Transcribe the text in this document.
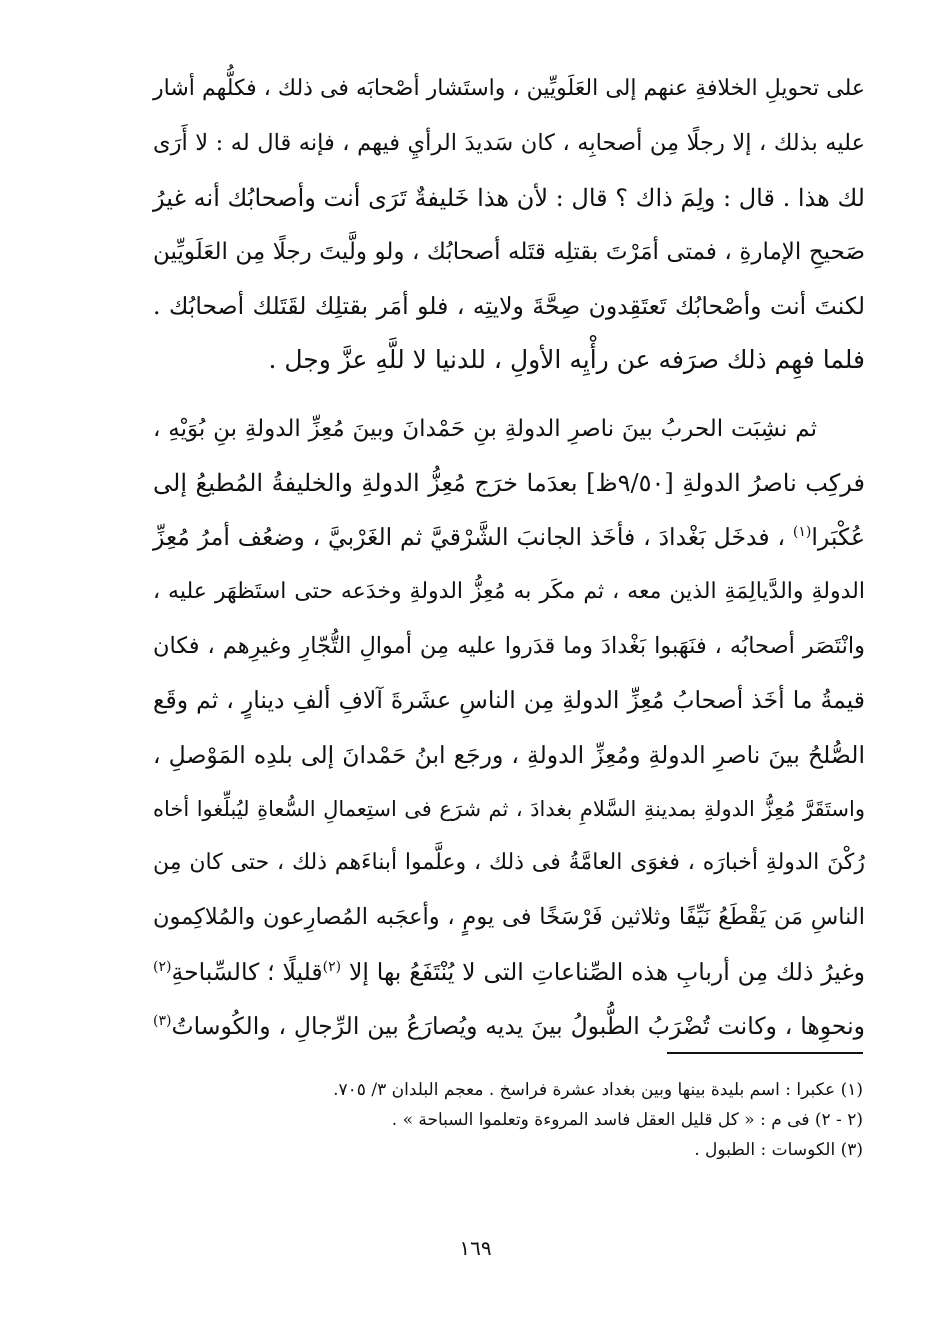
على تحويلِ الخلافةِ عنهم إلى العَلَويِّين ، واستَشار أصْحابَه فى ذلك ، فكلُّهم أشار
عليه بذلك ، إلا رجلًا مِن أصحابِه ، كان سَديدَ الرأيِ فيهم ، فإنه قال له : لا أَرَى
لك هذا . قال : ولِمَ ذاك ؟ قال : لأن هذا خَليفةٌ تَرَى أنت وأصحابُك أنه غيرُ
صَحيحِ الإمارةِ ، فمتى أمَرْتَ بقتلِه قتَله أصحابُك ، ولو ولَّيتَ رجلًا مِن العَلَويِّين
لكنتَ أنت وأصْحابُك تَعتَقِدون صِحَّةَ ولايتِه ، فلو أمَر بقتلِك لقَتَلك أصحابُك .
فلما فهِم ذلك صرَفه عن رأْيِه الأولِ ، للدنيا لا للَّهِ عزَّ وجل .
ثم نشِبَت الحربُ بينَ ناصرِ الدولةِ بنِ حَمْدانَ وبينَ مُعِزِّ الدولةِ بنِ بُوَيْهِ ،
فركِب ناصرُ الدولةِ [٩/٥٠ظ] بعدَما خرَج مُعِزُّ الدولةِ والخليفةُ المُطيعُ إلى
عُكْبَرا$^{(١)}$ ، فدخَل بَغْدادَ ، فأخَذ الجانبَ الشَّرْقيَّ ثم الغَرْبيَّ ، وضعُف أمرُ مُعِزِّ
الدولةِ والدَّيالِمَةِ الذين معه ، ثم مكَر به مُعِزُّ الدولةِ وخدَعه حتى استَظهَر عليه ،
وانْتَصَر أصحابُه ، فنَهَبوا بَغْدادَ وما قدَروا عليه مِن أموالِ التُّجّارِ وغيرِهم ، فكان
قيمةُ ما أخَذ أصحابُ مُعِزِّ الدولةِ مِن الناسِ عشَرةَ آلافِ ألفِ دينارٍ ، ثم وقَع
الصُّلحُ بينَ ناصرِ الدولةِ ومُعِزِّ الدولةِ ، ورجَع ابنُ حَمْدانَ إلى بلدِه المَوْصلِ ،
واستَقَرَّ مُعِزُّ الدولةِ بمدينةِ السَّلامِ بغدادَ ، ثم شرَع فى استِعمالِ السُّعاةِ ليُبلِّغوا أخاه
رُكْنَ الدولةِ أخبارَه ، فغوَى العامَّةُ فى ذلك ، وعلَّموا أبناءَهم ذلك ، حتى كان مِن
الناسِ مَن يَقْطَعُ نَيِّفًا وثلاثين فَرْسَخًا فى يومٍ ، وأعجَبه المُصارِعون والمُلاكِمون
وغيرُ ذلك مِن أربابِ هذه الصِّناعاتِ التى لا يُنْتَفَعُ بها إلا $^{(٢)}$قليلًا ؛ كالسِّباحةِ$^{(٢)}$
ونحوِها ، وكانت تُضْرَبُ الطُّبولُ بينَ يديه ويُصارَعُ بين الرِّجالِ ، والكُوساتُ$^{(٣)}$
(١) عكبرا : اسم بليدة بينها وبين بغداد عشرة فراسخ . معجم البلدان ٣/ ٧٠٥.
(٢ - ٢) فى م : « كل قليل العقل فاسد المروءة وتعلموا السباحة » .
(٣) الكوسات : الطبول .
١٦٩
